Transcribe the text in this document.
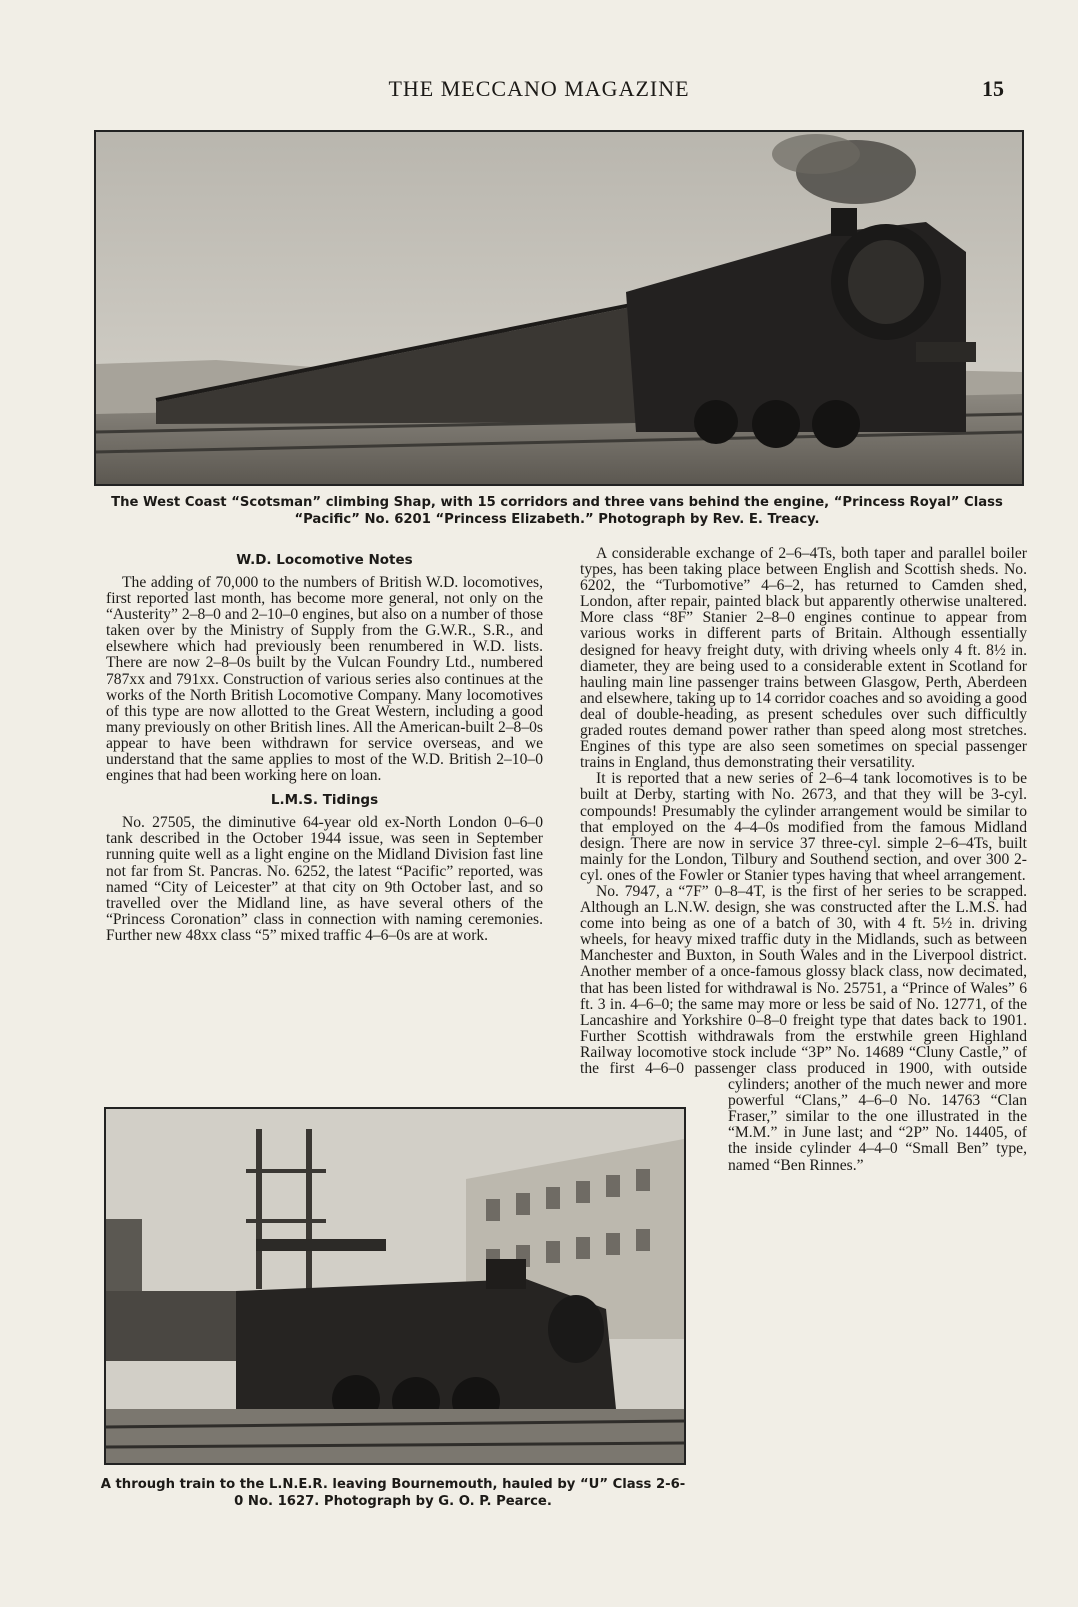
THE MECCANO MAGAZINE	15

The West Coast “Scotsman” climbing Shap, with 15 corridors and three vans behind the engine, “Princess Royal” Class “Pacific” No. 6201 “Princess Elizabeth.” Photograph by Rev. E. Treacy.

W.D. Locomotive Notes

The adding of 70,000 to the numbers of British W.D. locomotives, first reported last month, has become more general, not only on the “Austerity” 2–8–0 and 2–10–0 engines, but also on a number of those taken over by the Ministry of Supply from the G.W.R., S.R., and elsewhere which had previously been renumbered in W.D. lists. There are now 2–8–0s built by the Vulcan Foundry Ltd., numbered 787xx and 791xx. Construction of various series also continues at the works of the North British Locomotive Company. Many locomotives of this type are now allotted to the Great Western, including a good many previously on other British lines. All the American-built 2–8–0s appear to have been withdrawn for service overseas, and we understand that the same applies to most of the W.D. British 2–10–0 engines that had been working here on loan.

L.M.S. Tidings

No. 27505, the diminutive 64-year old ex-North London 0–6–0 tank described in the October 1944 issue, was seen in September running quite well as a light engine on the Midland Division fast line not far from St. Pancras. No. 6252, the latest “Pacific” reported, was named “City of Leicester” at that city on 9th October last, and so travelled over the Midland line, as have several others of the “Princess Coronation” class in connection with naming ceremonies. Further new 48xx class “5” mixed traffic 4–6–0s are at work.

A considerable exchange of 2–6–4Ts, both taper and parallel boiler types, has been taking place between English and Scottish sheds. No. 6202, the “Turbomotive” 4–6–2, has returned to Camden shed, London, after repair, painted black but apparently otherwise unaltered. More class “8F” Stanier 2–8–0 engines continue to appear from various works in different parts of Britain. Although essentially designed for heavy freight duty, with driving wheels only 4 ft. 8½ in. diameter, they are being used to a considerable extent in Scotland for hauling main line passenger trains between Glasgow, Perth, Aberdeen and elsewhere, taking up to 14 corridor coaches and so avoiding a good deal of double-heading, as present schedules over such difficultly graded routes demand power rather than speed along most stretches. Engines of this type are also seen sometimes on special passenger trains in England, thus demonstrating their versatility.

It is reported that a new series of 2–6–4 tank locomotives is to be built at Derby, starting with No. 2673, and that they will be 3-cyl. compounds! Presumably the cylinder arrangement would be similar to that employed on the 4–4–0s modified from the famous Midland design. There are now in service 37 three-cyl. simple 2–6–4Ts, built mainly for the London, Tilbury and Southend section, and over 300 2-cyl. ones of the Fowler or Stanier types having that wheel arrangement.

No. 7947, a “7F” 0–8–4T, is the first of her series to be scrapped. Although an L.N.W. design, she was constructed after the L.M.S. had come into being as one of a batch of 30, with 4 ft. 5½ in. driving wheels, for heavy mixed traffic duty in the Midlands, such as between Manchester and Buxton, in South Wales and in the Liverpool district. Another member of a once-famous glossy black class, now decimated, that has been listed for withdrawal is No. 25751, a “Prince of Wales” 6 ft. 3 in. 4–6–0; the same may more or less be said of No. 12771, of the Lancashire and Yorkshire 0–8–0 freight type that dates back to 1901. Further Scottish withdrawals from the erstwhile green Highland Railway locomotive stock include “3P” No. 14689 “Cluny Castle,” of the first 4–6–0 passenger class produced in 1900, with outside cylinders; another of the much newer and more powerful “Clans,” 4–6–0 No. 14763 “Clan Fraser,” similar to the one illustrated in the “M.M.” in June last; and “2P” No. 14405, of the inside cylinder 4–4–0 “Small Ben” type, named “Ben Rinnes.”

A through train to the L.N.E.R. leaving Bournemouth, hauled by “U” Class 2-6-0 No. 1627. Photograph by G. O. P. Pearce.
